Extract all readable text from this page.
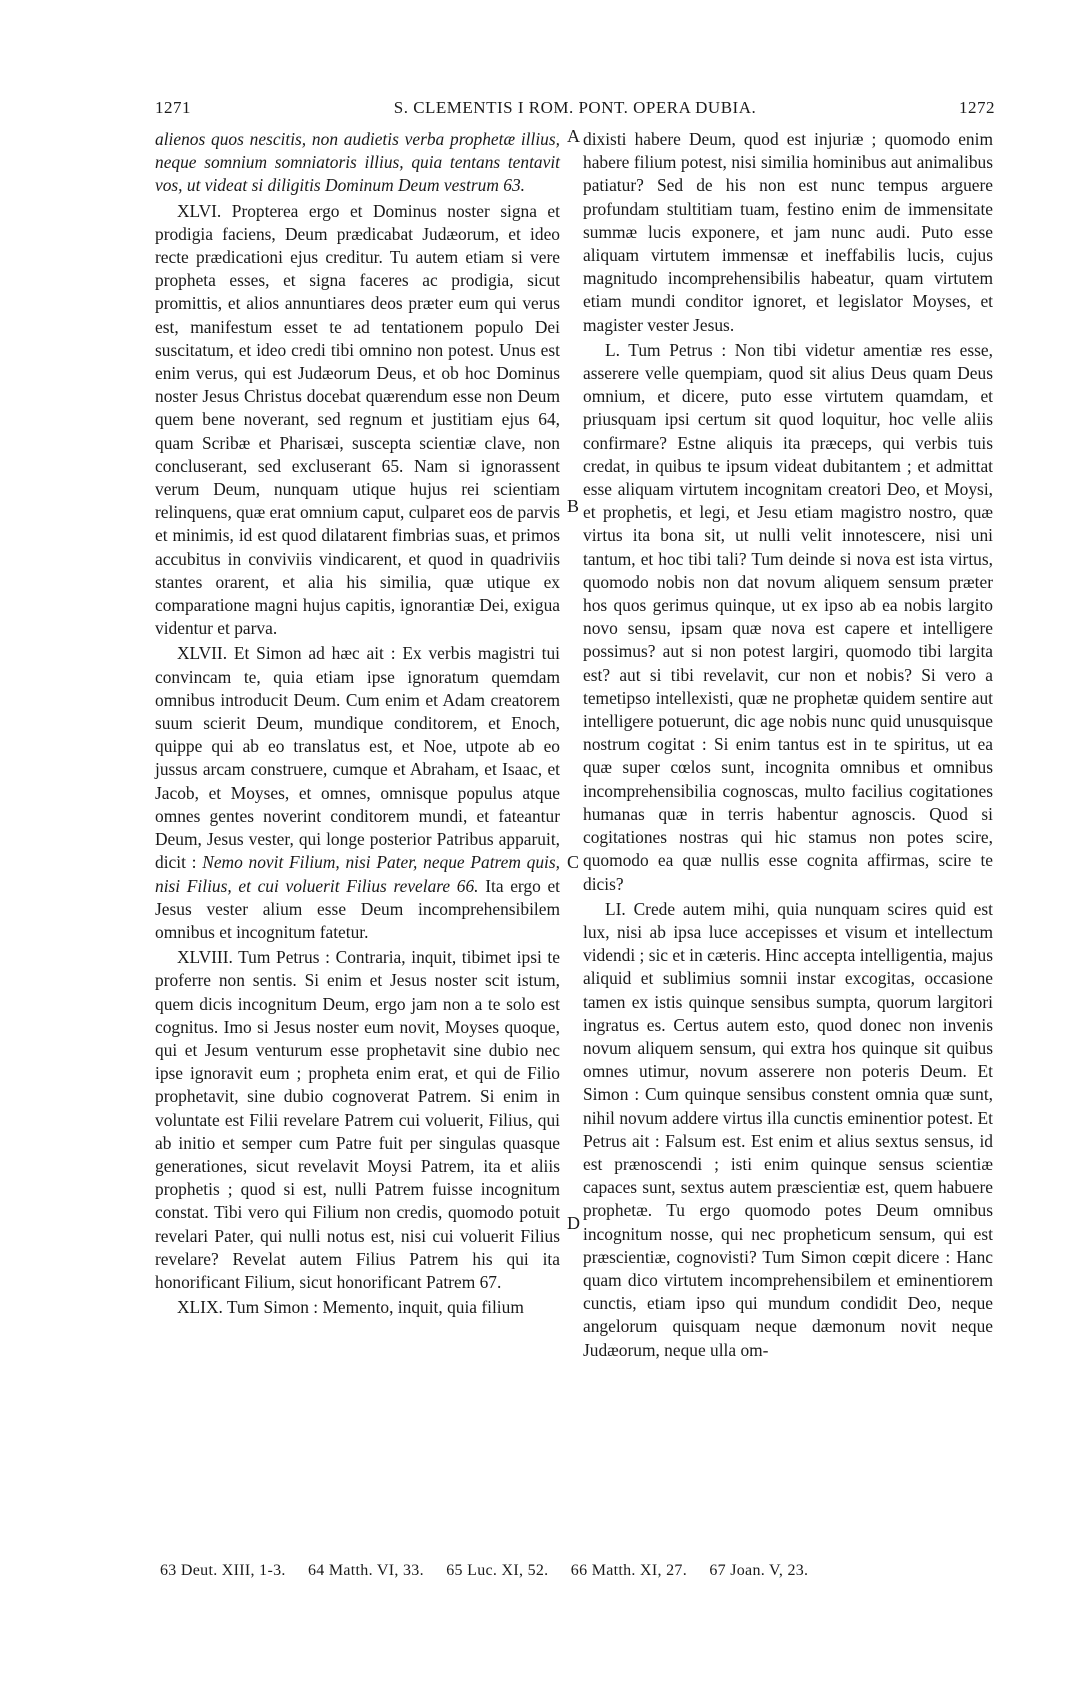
1271	S. CLEMENTIS I ROM. PONT. OPERA DUBIA.	1272
A
B
C
D

alienos quos nescitis, non audietis verba prophetæ illius, neque somnium somniatoris illius, quia tentans tentavit vos, ut videat si diligitis Dominum Deum vestrum 63.

XLVI. Propterea ergo et Dominus noster signa et prodigia faciens, Deum prædicabat Judæorum, et ideo recte prædicationi ejus creditur. Tu autem etiam si vere propheta esses, et signa faceres ac prodigia, sicut promittis, et alios annuntiares deos præter eum qui verus est, manifestum esset te ad tentationem populo Dei suscitatum, et ideo credi tibi omnino non potest. Unus est enim verus, qui est Judæorum Deus, et ob hoc Dominus noster Jesus Christus docebat quærendum esse non Deum quem bene noverant, sed regnum et justitiam ejus 64, quam Scribæ et Pharisæi, suscepta scientiæ clave, non concluserant, sed excluserant 65. Nam si ignorassent verum Deum, nunquam utique hujus rei scientiam relinquens, quæ erat omnium caput, culparet eos de parvis et minimis, id est quod dilatarent fimbrias suas, et primos accubitus in conviviis vindicarent, et quod in quadriviis stantes orarent, et alia his similia, quæ utique ex comparatione magni hujus capitis, ignorantiæ Dei, exigua videntur et parva.

XLVII. Et Simon ad hæc ait : Ex verbis magistri tui convincam te, quia etiam ipse ignoratum quemdam omnibus introducit Deum. Cum enim et Adam creatorem suum scierit Deum, mundique conditorem, et Enoch, quippe qui ab eo translatus est, et Noe, utpote ab eo jussus arcam construere, cumque et Abraham, et Isaac, et Jacob, et Moyses, et omnes, omnisque populus atque omnes gentes noverint conditorem mundi, et fateantur Deum, Jesus vester, qui longe posterior Patribus apparuit, dicit : Nemo novit Filium, nisi Pater, neque Patrem quis, nisi Filius, et cui voluerit Filius revelare 66. Ita ergo et Jesus vester alium esse Deum incomprehensibilem omnibus et incognitum fatetur.

XLVIII. Tum Petrus : Contraria, inquit, tibimet ipsi te proferre non sentis. Si enim et Jesus noster scit istum, quem dicis incognitum Deum, ergo jam non a te solo est cognitus. Imo si Jesus noster eum novit, Moyses quoque, qui et Jesum venturum esse prophetavit sine dubio nec ipse ignoravit eum ; propheta enim erat, et qui de Filio prophetavit, sine dubio cognoverat Patrem. Si enim in voluntate est Filii revelare Patrem cui voluerit, Filius, qui ab initio et semper cum Patre fuit per singulas quasque generationes, sicut revelavit Moysi Patrem, ita et aliis prophetis ; quod si est, nulli Patrem fuisse incognitum constat. Tibi vero qui Filium non credis, quomodo potuit revelari Pater, qui nulli notus est, nisi cui voluerit Filius revelare? Revelat autem Filius Patrem his qui ita honorificant Filium, sicut honorificant Patrem 67.

XLIX. Tum Simon : Memento, inquit, quia filium

dixisti habere Deum, quod est injuriæ ; quomodo enim habere filium potest, nisi similia hominibus aut animalibus patiatur? Sed de his non est nunc tempus arguere profundam stultitiam tuam, festino enim de immensitate summæ lucis exponere, et jam nunc audi. Puto esse aliquam virtutem immensæ et ineffabilis lucis, cujus magnitudo incomprehensibilis habeatur, quam virtutem etiam mundi conditor ignoret, et legislator Moyses, et magister vester Jesus.

L. Tum Petrus : Non tibi videtur amentiæ res esse, asserere velle quempiam, quod sit alius Deus quam Deus omnium, et dicere, puto esse virtutem quamdam, et priusquam ipsi certum sit quod loquitur, hoc velle aliis confirmare? Estne aliquis ita præceps, qui verbis tuis credat, in quibus te ipsum videat dubitantem ; et admittat esse aliquam virtutem incognitam creatori Deo, et Moysi, et prophetis, et legi, et Jesu etiam magistro nostro, quæ virtus ita bona sit, ut nulli velit innotescere, nisi uni tantum, et hoc tibi tali? Tum deinde si nova est ista virtus, quomodo nobis non dat novum aliquem sensum præter hos quos gerimus quinque, ut ex ipso ab ea nobis largito novo sensu, ipsam quæ nova est capere et intelligere possimus? aut si non potest largiri, quomodo tibi largita est? aut si tibi revelavit, cur non et nobis? Si vero a temetipso intellexisti, quæ ne prophetæ quidem sentire aut intelligere potuerunt, dic age nobis nunc quid unusquisque nostrum cogitat : Si enim tantus est in te spiritus, ut ea quæ super cœlos sunt, incognita omnibus et omnibus incomprehensibilia cognoscas, multo facilius cogitationes humanas quæ in terris habentur agnoscis. Quod si cogitationes nostras qui hic stamus non potes scire, quomodo ea quæ nullis esse cognita affirmas, scire te dicis?

LI. Crede autem mihi, quia nunquam scires quid est lux, nisi ab ipsa luce accepisses et visum et intellectum videndi ; sic et in cæteris. Hinc accepta intelligentia, majus aliquid et sublimius somnii instar excogitas, occasione tamen ex istis quinque sensibus sumpta, quorum largitori ingratus es. Certus autem esto, quod donec non invenis novum aliquem sensum, qui extra hos quinque sit quibus omnes utimur, novum asserere non poteris Deum. Et Simon : Cum quinque sensibus constent omnia quæ sunt, nihil novum addere virtus illa cunctis eminentior potest. Et Petrus ait : Falsum est. Est enim et alius sextus sensus, id est prænoscendi ; isti enim quinque sensus scientiæ capaces sunt, sextus autem præscientiæ est, quem habuere prophetæ. Tu ergo quomodo potes Deum omnibus incognitum nosse, qui nec propheticum sensum, qui est præscientiæ, cognovisti? Tum Simon cœpit dicere : Hanc quam dico virtutem incomprehensibilem et eminentiorem cunctis, etiam ipso qui mundum condidit Deo, neque angelorum quisquam neque dæmonum novit neque Judæorum, neque ulla om-

63 Deut. XIII, 1-3. 64 Matth. VI, 33. 65 Luc. XI, 52. 66 Matth. XI, 27. 67 Joan. V, 23.
